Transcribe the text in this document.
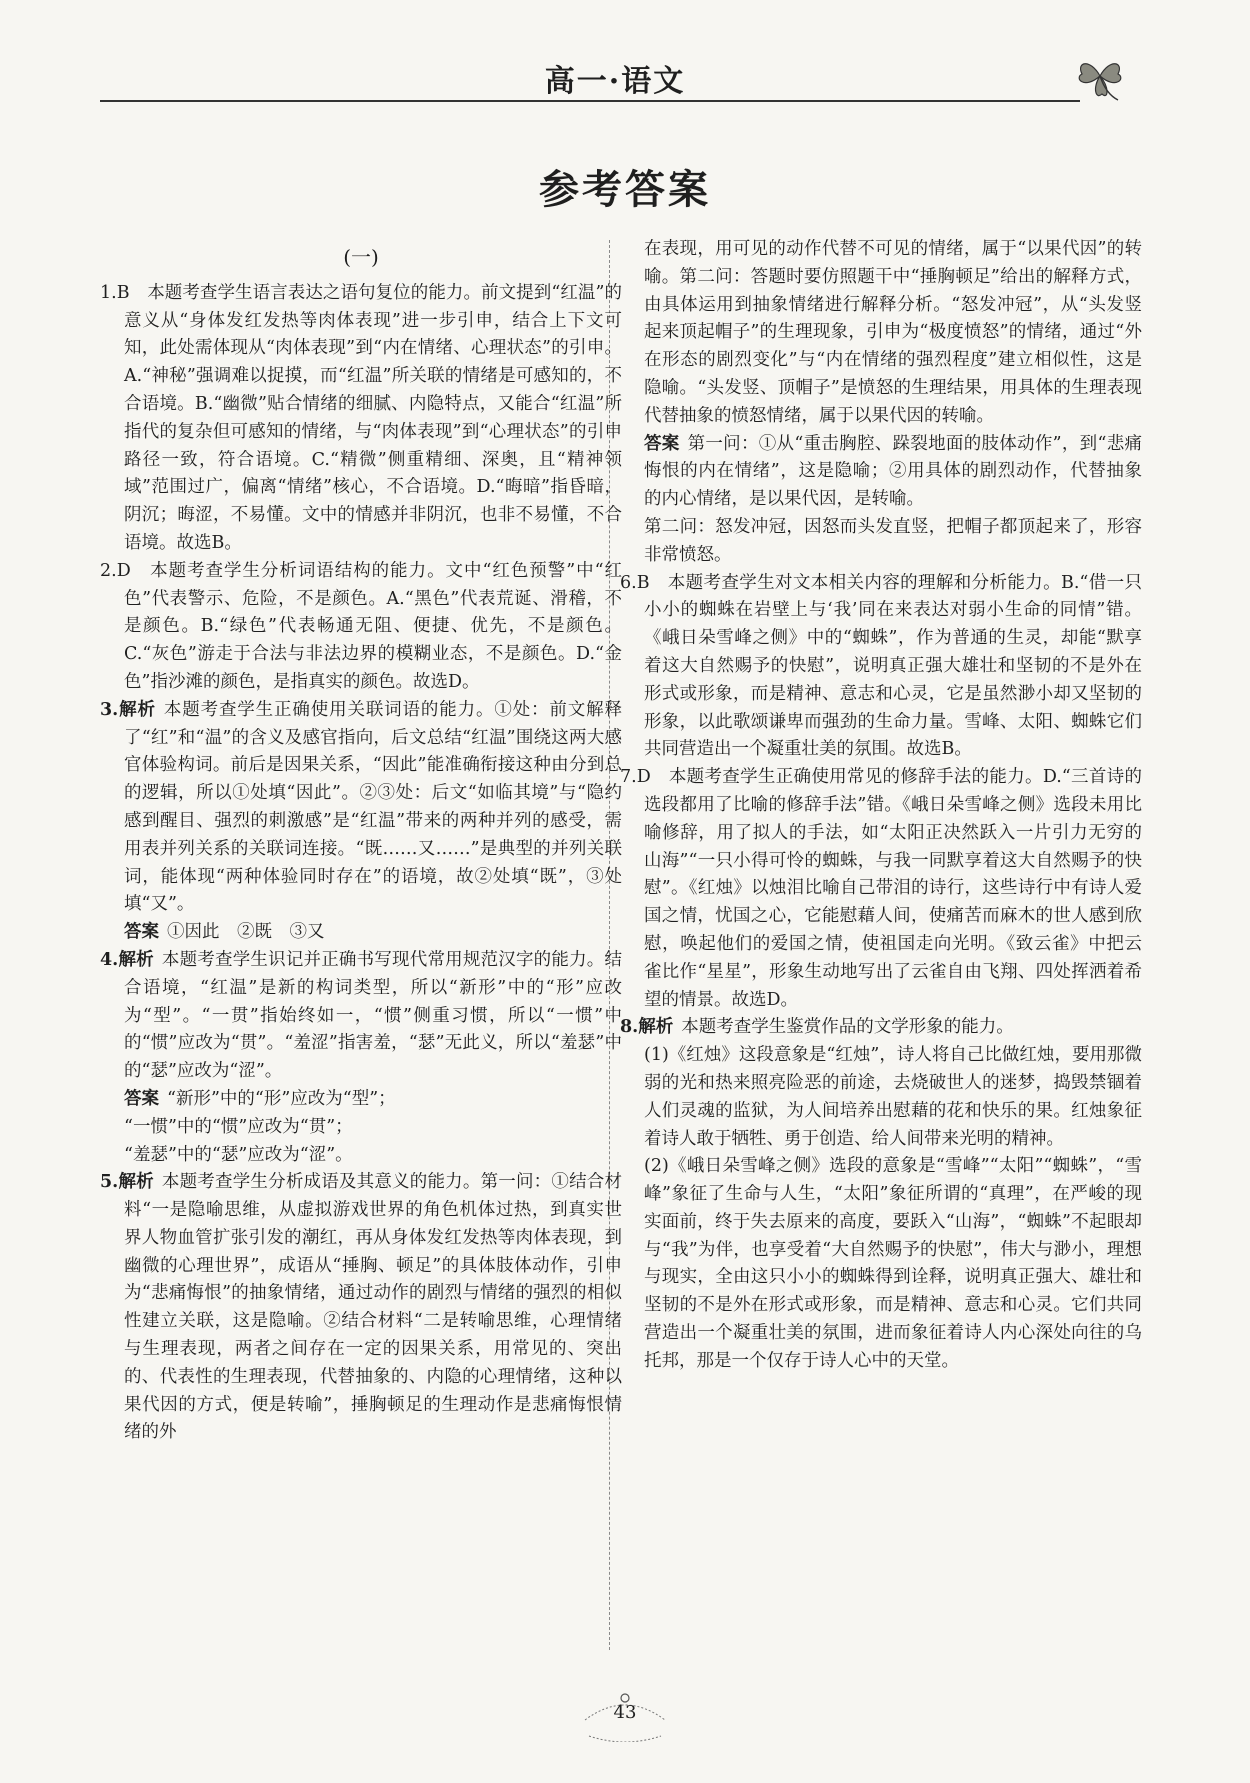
高一·语文
参考答案
(一)

1.B　本题考查学生语言表达之语句复位的能力。前文提到“红温”的意义从“身体发红发热等肉体表现”进一步引申，结合上下文可知，此处需体现从“肉体表现”到“内在情绪、心理状态”的引申。A.“神秘”强调难以捉摸，而“红温”所关联的情绪是可感知的，不合语境。B.“幽微”贴合情绪的细腻、内隐特点，又能合“红温”所指代的复杂但可感知的情绪，与“肉体表现”到“心理状态”的引申路径一致，符合语境。C.“精微”侧重精细、深奥，且“精神领域”范围过广，偏离“情绪”核心，不合语境。D.“晦暗”指昏暗，阴沉；晦涩，不易懂。文中的情感并非阴沉，也非不易懂，不合语境。故选B。

2.D　本题考查学生分析词语结构的能力。文中“红色预警”中“红色”代表警示、危险，不是颜色。A.“黑色”代表荒诞、滑稽，不是颜色。B.“绿色”代表畅通无阻、便捷、优先，不是颜色。C.“灰色”游走于合法与非法边界的模糊业态，不是颜色。D.“金色”指沙滩的颜色，是指真实的颜色。故选D。

3.解析 本题考查学生正确使用关联词语的能力。①处：前文解释了“红”和“温”的含义及感官指向，后文总结“红温”围绕这两大感官体验构词。前后是因果关系，“因此”能准确衔接这种由分到总的逻辑，所以①处填“因此”。②③处：后文“如临其境”与“隐约感到醒目、强烈的刺激感”是“红温”带来的两种并列的感受，需用表并列关系的关联词连接。“既……又……”是典型的并列关联词，能体现“两种体验同时存在”的语境，故②处填“既”，③处填“又”。

答案 ①因此　②既　③又

4.解析 本题考查学生识记并正确书写现代常用规范汉字的能力。结合语境，“红温”是新的构词类型，所以“新形”中的“形”应改为“型”。“一贯”指始终如一，“惯”侧重习惯，所以“一惯”中的“惯”应改为“贯”。“羞涩”指害羞，“瑟”无此义，所以“羞瑟”中的“瑟”应改为“涩”。

答案 “新形”中的“形”应改为“型”；

“一惯”中的“惯”应改为“贯”；

“羞瑟”中的“瑟”应改为“涩”。

5.解析 本题考查学生分析成语及其意义的能力。第一问：①结合材料“一是隐喻思维，从虚拟游戏世界的角色机体过热，到真实世界人物血管扩张引发的潮红，再从身体发红发热等肉体表现，到幽微的心理世界”，成语从“捶胸、顿足”的具体肢体动作，引申为“悲痛悔恨”的抽象情绪，通过动作的剧烈与情绪的强烈的相似性建立关联，这是隐喻。②结合材料“二是转喻思维，心理情绪与生理表现，两者之间存在一定的因果关系，用常见的、突出的、代表性的生理表现，代替抽象的、内隐的心理情绪，这种以果代因的方式，便是转喻”，捶胸顿足的生理动作是悲痛悔恨情绪的外

在表现，用可见的动作代替不可见的情绪，属于“以果代因”的转喻。第二问：答题时要仿照题干中“捶胸顿足”给出的解释方式，由具体运用到抽象情绪进行解释分析。“怒发冲冠”，从“头发竖起来顶起帽子”的生理现象，引申为“极度愤怒”的情绪，通过“外在形态的剧烈变化”与“内在情绪的强烈程度”建立相似性，这是隐喻。“头发竖、顶帽子”是愤怒的生理结果，用具体的生理表现代替抽象的愤怒情绪，属于以果代因的转喻。

答案 第一问：①从“重击胸腔、跺裂地面的肢体动作”，到“悲痛悔恨的内在情绪”，这是隐喻；②用具体的剧烈动作，代替抽象的内心情绪，是以果代因，是转喻。

第二问：怒发冲冠，因怒而头发直竖，把帽子都顶起来了，形容非常愤怒。

6.B　本题考查学生对文本相关内容的理解和分析能力。B.“借一只小小的蜘蛛在岩壁上与‘我’同在来表达对弱小生命的同情”错。《峨日朵雪峰之侧》中的“蜘蛛”，作为普通的生灵，却能“默享着这大自然赐予的快慰”，说明真正强大雄壮和坚韧的不是外在形式或形象，而是精神、意志和心灵，它是虽然渺小却又坚韧的形象，以此歌颂谦卑而强劲的生命力量。雪峰、太阳、蜘蛛它们共同营造出一个凝重壮美的氛围。故选B。

7.D　本题考查学生正确使用常见的修辞手法的能力。D.“三首诗的选段都用了比喻的修辞手法”错。《峨日朵雪峰之侧》选段未用比喻修辞，用了拟人的手法，如“太阳正决然跃入一片引力无穷的山海”“一只小得可怜的蜘蛛，与我一同默享着这大自然赐予的快慰”。《红烛》以烛泪比喻自己带泪的诗行，这些诗行中有诗人爱国之情，忧国之心，它能慰藉人间，使痛苦而麻木的世人感到欣慰，唤起他们的爱国之情，使祖国走向光明。《致云雀》中把云雀比作“星星”，形象生动地写出了云雀自由飞翔、四处挥洒着希望的情景。故选D。

8.解析 本题考查学生鉴赏作品的文学形象的能力。

(1)《红烛》这段意象是“红烛”，诗人将自己比做红烛，要用那微弱的光和热来照亮险恶的前途，去烧破世人的迷梦，捣毁禁锢着人们灵魂的监狱，为人间培养出慰藉的花和快乐的果。红烛象征着诗人敢于牺牲、勇于创造、给人间带来光明的精神。

(2)《峨日朵雪峰之侧》选段的意象是“雪峰”“太阳”“蜘蛛”，“雪峰”象征了生命与人生，“太阳”象征所谓的“真理”，在严峻的现实面前，终于失去原来的高度，要跃入“山海”，“蜘蛛”不起眼却与“我”为伴，也享受着“大自然赐予的快慰”，伟大与渺小，理想与现实，全由这只小小的蜘蛛得到诠释，说明真正强大、雄壮和坚韧的不是外在形式或形象，而是精神、意志和心灵。它们共同营造出一个凝重壮美的氛围，进而象征着诗人内心深处向往的乌托邦，那是一个仅存于诗人心中的天堂。

43
